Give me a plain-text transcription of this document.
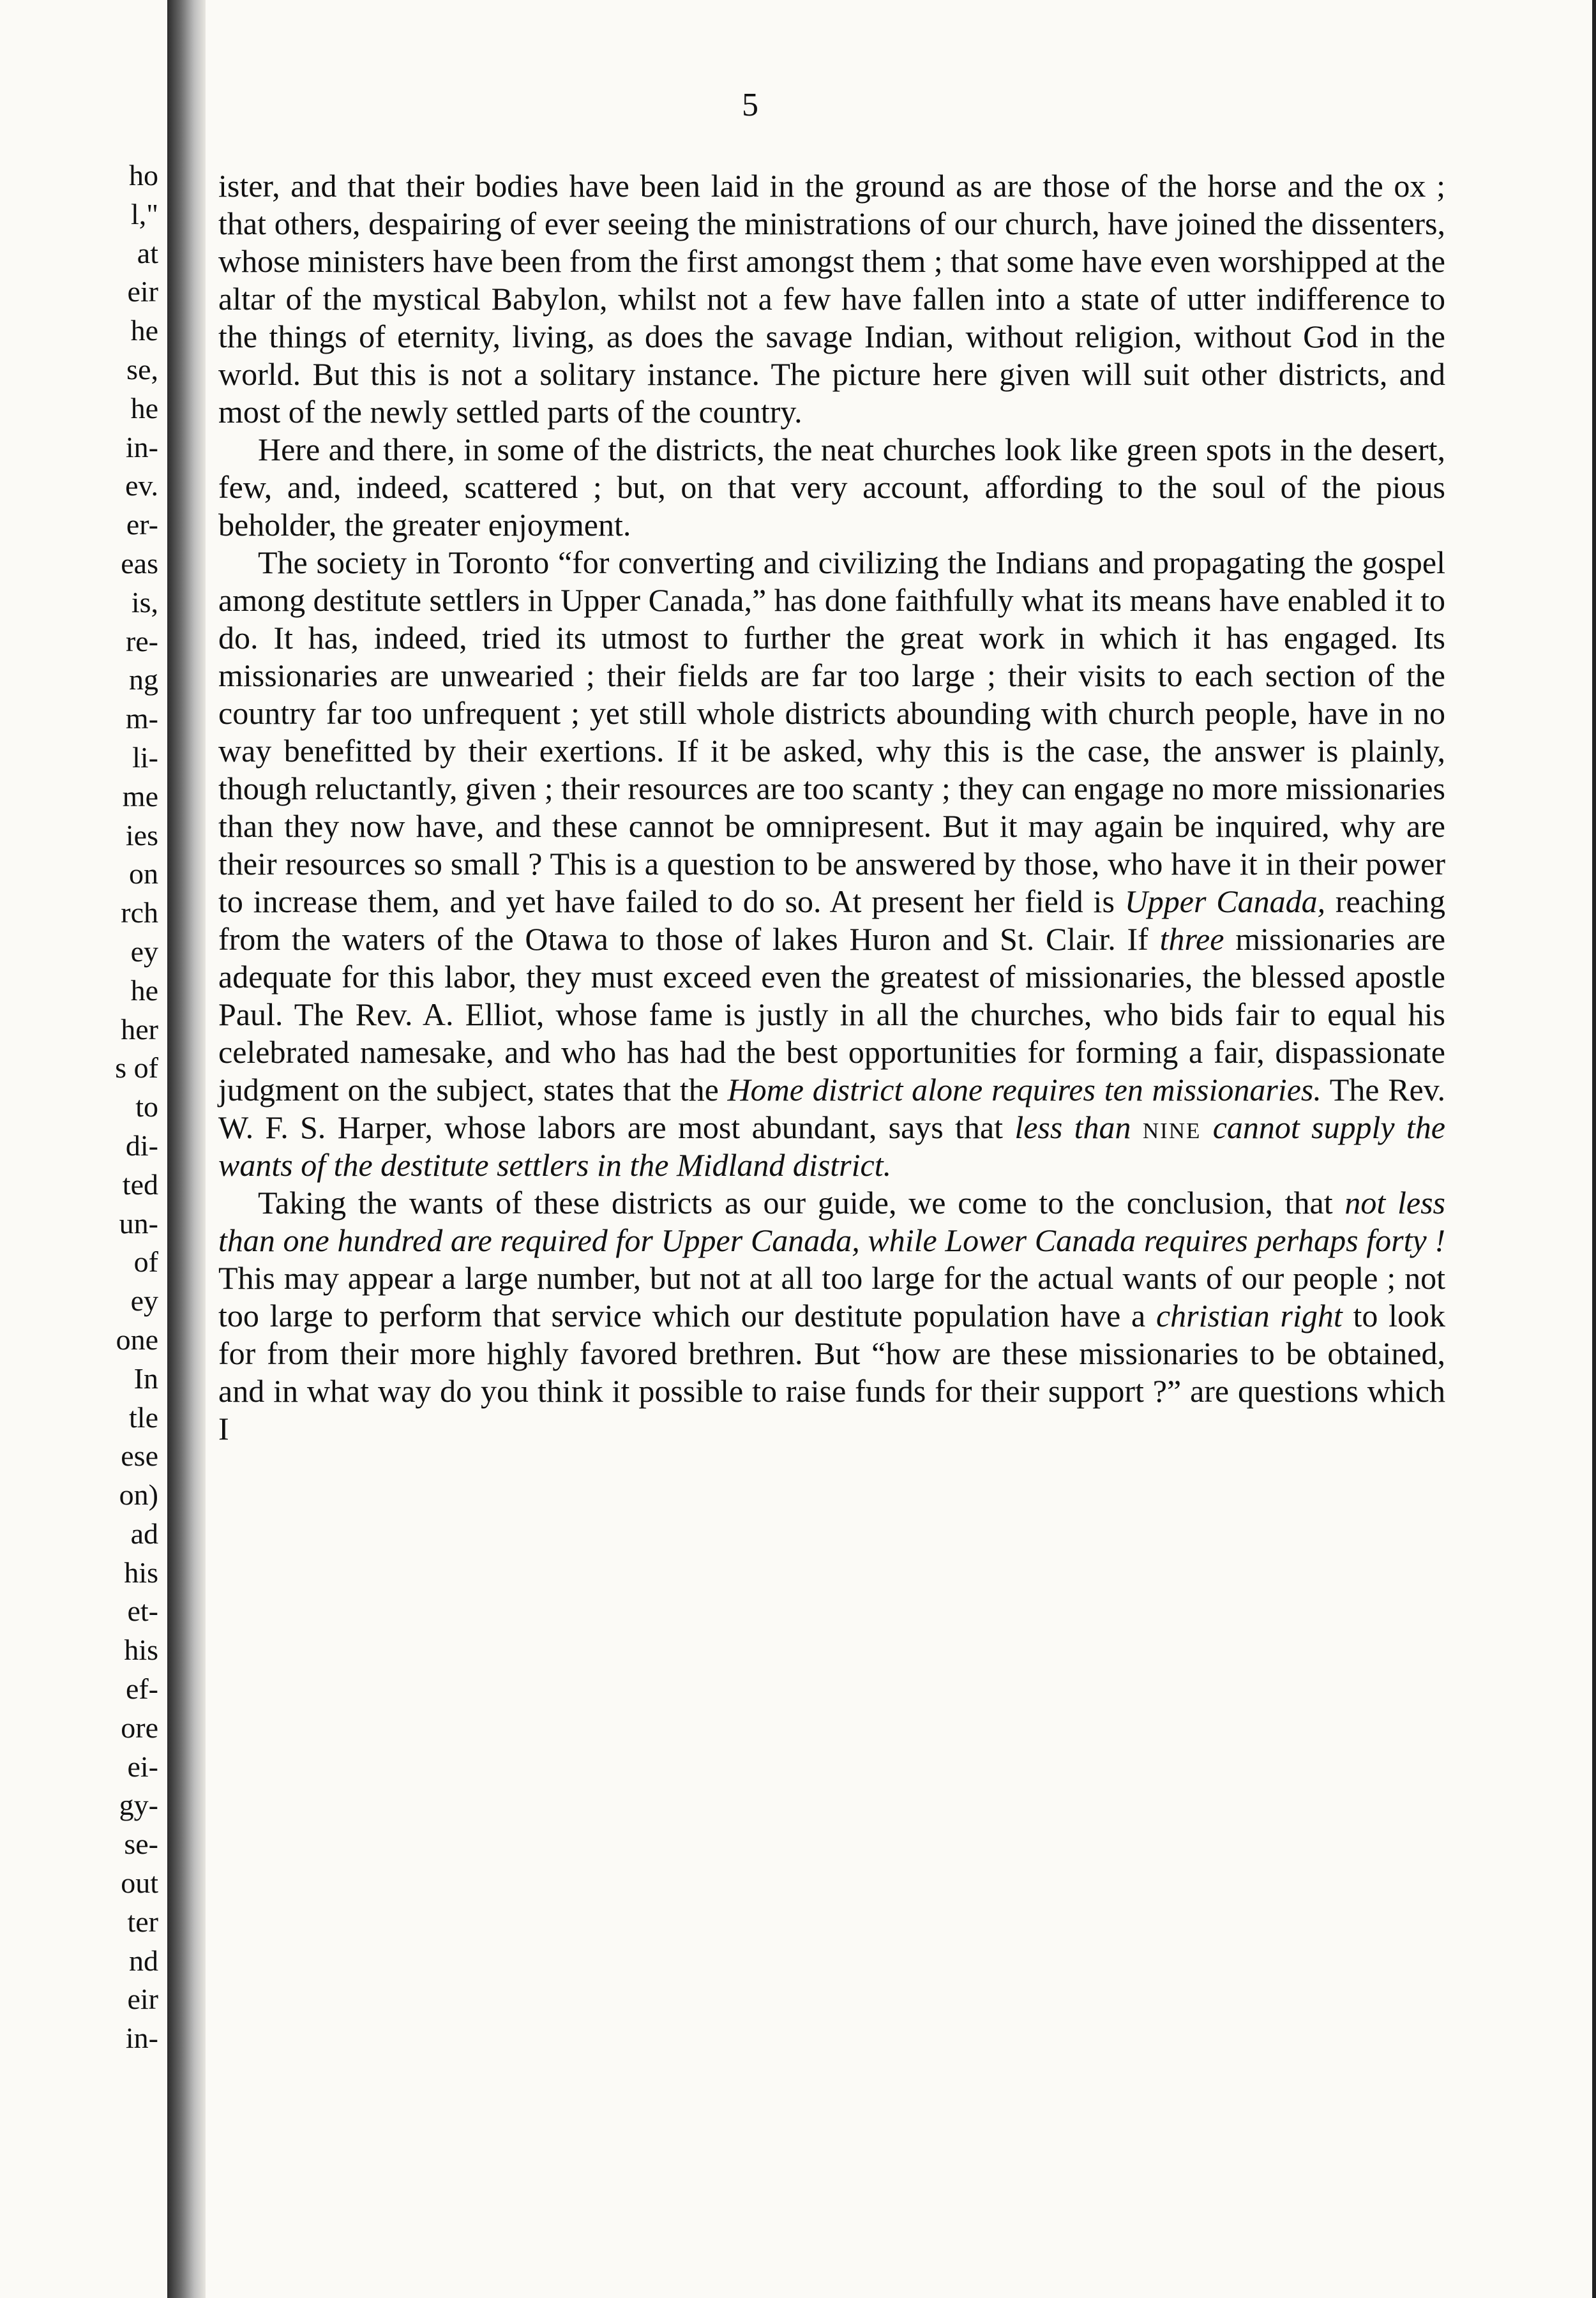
ho
l,"
at
eir
he
se,
he
in-
ev.
er-
eas
is,
re-
ng
m-
li-
me
ies
on
rch
ey
he
her
s of
to
di-
ted
un-
of
ey
one
In
tle
ese
on)
ad
his
et-
his
ef-
ore
ei-
gy-
se-
out
ter
nd
eir
in-
5

ister, and that their bodies have been laid in the ground as are those of the horse and the ox ; that others, despairing of ever seeing the ministrations of our church, have joined the dissenters, whose ministers have been from the first amongst them ; that some have even worshipped at the altar of the mystical Babylon, whilst not a few have fallen into a state of utter indifference to the things of eternity, living, as does the savage Indian, without religion, without God in the world. But this is not a solitary instance. The picture here given will suit other districts, and most of the newly settled parts of the country.

Here and there, in some of the districts, the neat churches look like green spots in the desert, few, and, indeed, scattered ; but, on that very account, affording to the soul of the pious beholder, the greater enjoyment.

The society in Toronto “for converting and civilizing the Indians and propagating the gospel among destitute settlers in Upper Canada,” has done faithfully what its means have enabled it to do. It has, indeed, tried its utmost to further the great work in which it has engaged. Its missionaries are unwearied ; their fields are far too large ; their visits to each section of the country far too unfrequent ; yet still whole districts abounding with church people, have in no way benefitted by their exertions. If it be asked, why this is the case, the answer is plainly, though reluctantly, given ; their resources are too scanty ; they can engage no more missionaries than they now have, and these cannot be omnipresent. But it may again be inquired, why are their resources so small ? This is a question to be answered by those, who have it in their power to increase them, and yet have failed to do so. At present her field is Upper Canada, reaching from the waters of the Otawa to those of lakes Huron and St. Clair. If three missionaries are adequate for this labor, they must exceed even the greatest of missionaries, the blessed apostle Paul. The Rev. A. Elliot, whose fame is justly in all the churches, who bids fair to equal his celebrated namesake, and who has had the best opportunities for forming a fair, dispassionate judgment on the subject, states that the Home district alone requires ten missionaries. The Rev. W. F. S. Harper, whose labors are most abundant, says that less than nine cannot supply the wants of the destitute settlers in the Midland district.

Taking the wants of these districts as our guide, we come to the conclusion, that not less than one hundred are required for Upper Canada, while Lower Canada requires perhaps forty ! This may appear a large number, but not at all too large for the actual wants of our people ; not too large to perform that service which our destitute population have a christian right to look for from their more highly favored brethren. But “how are these missionaries to be obtained, and in what way do you think it possible to raise funds for their support ?” are questions which I
